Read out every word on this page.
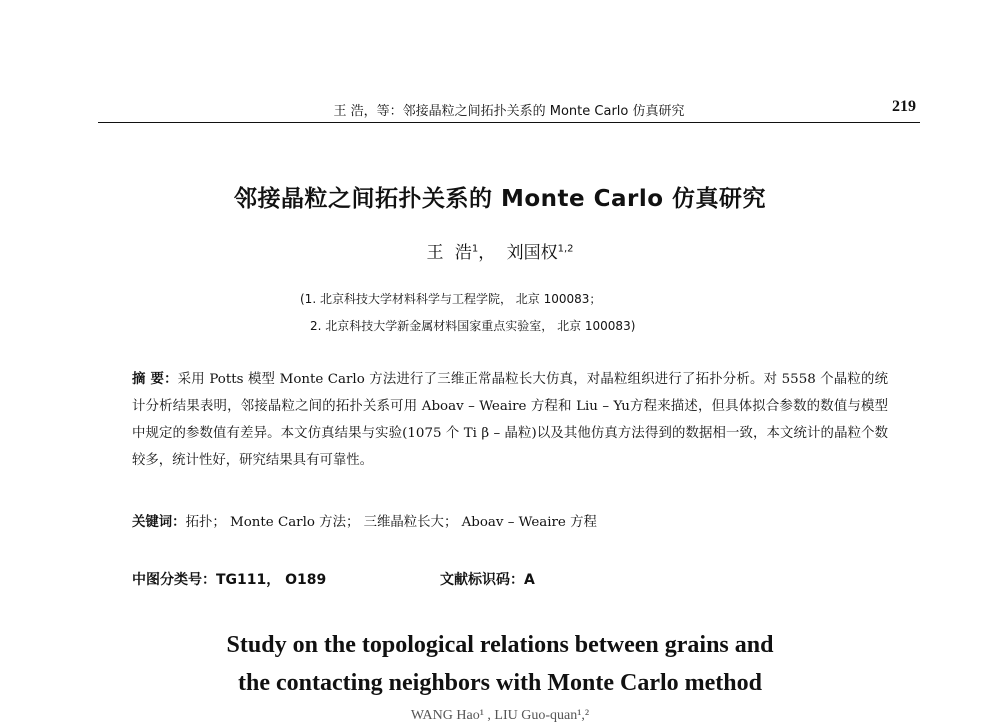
王 浩，等：邻接晶粒之间拓扑关系的 Monte Carlo 仿真研究	219
邻接晶粒之间拓扑关系的 Monte Carlo 仿真研究
王 浩$^1$， 刘国权$^{1,2}$
(1. 北京科技大学材料科学与工程学院， 北京 100083；
2. 北京科技大学新金属材料国家重点实验室， 北京 100083)
摘 要：采用 Potts 模型 Monte Carlo 方法进行了三维正常晶粒长大仿真，对晶粒组织进行了拓扑分析。对 5558 个晶粒的统计分析结果表明，邻接晶粒之间的拓扑关系可用 Aboav – Weaire 方程和 Liu – Yu方程来描述，但具体拟合参数的数值与模型中规定的参数值有差异。本文仿真结果与实验(1075 个 Ti β – 晶粒)以及其他仿真方法得到的数据相一致，本文统计的晶粒个数较多，统计性好，研究结果具有可靠性。
关键词：拓扑； Monte Carlo 方法； 三维晶粒长大； Aboav – Weaire 方程
中图分类号：TG111， O189	文献标识码：A
Study on the topological relations between grains and
the contacting neighbors with Monte Carlo method
WANG Hao¹ , LIU Guo-quan¹,²
